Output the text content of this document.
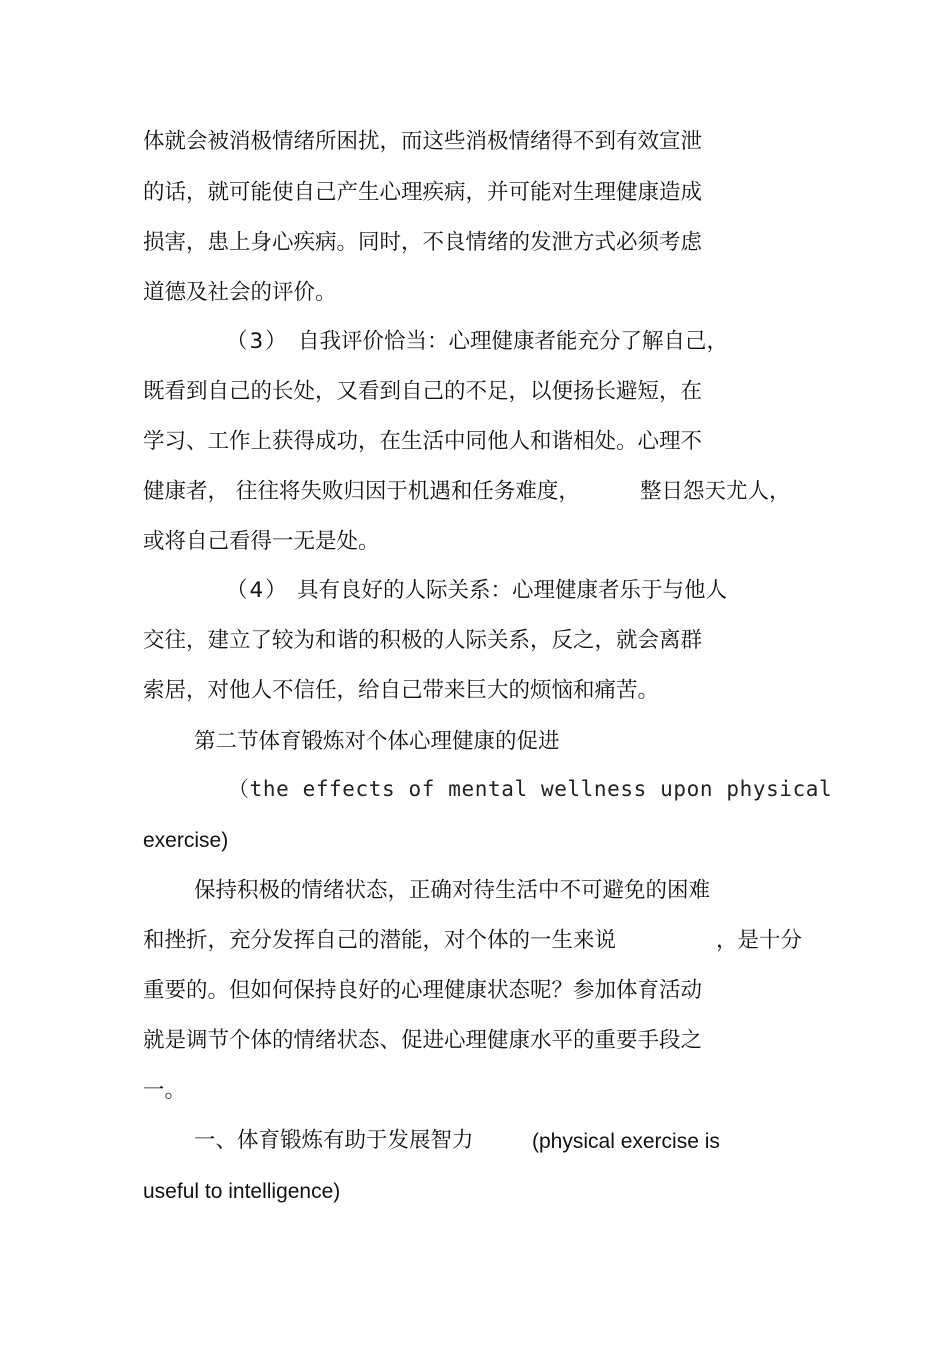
体就会被消极情绪所困扰，而这些消极情绪得不到有效宣泄
的话，就可能使自己产生心理疾病，并可能对生理健康造成
损害，患上身心疾病。同时，不良情绪的发泄方式必须考虑
道德及社会的评价。
（3） 自我评价恰当：心理健康者能充分了解自己，
既看到自己的长处，又看到自己的不足，以便扬长避短，在
学习、工作上获得成功，在生活中同他人和谐相处。心理不
健康者， 往往将失败归因于机遇和任务难度，	整日怨天尤人，
或将自己看得一无是处。
（4） 具有良好的人际关系：心理健康者乐于与他人
交往，建立了较为和谐的积极的人际关系，反之，就会离群
索居，对他人不信任，给自己带来巨大的烦恼和痛苦。
第二节体育锻炼对个体心理健康的促进
（the effects of mental wellness upon physical
exercise)
保持积极的情绪状态，正确对待生活中不可避免的困难
和挫折，充分发挥自己的潜能，对个体的一生来说	，是十分
重要的。但如何保持良好的心理健康状态呢？参加体育活动
就是调节个体的情绪状态、促进心理健康水平的重要手段之
一。
一、体育锻炼有助于发展智力	(physical exercise is
useful to intelligence)
